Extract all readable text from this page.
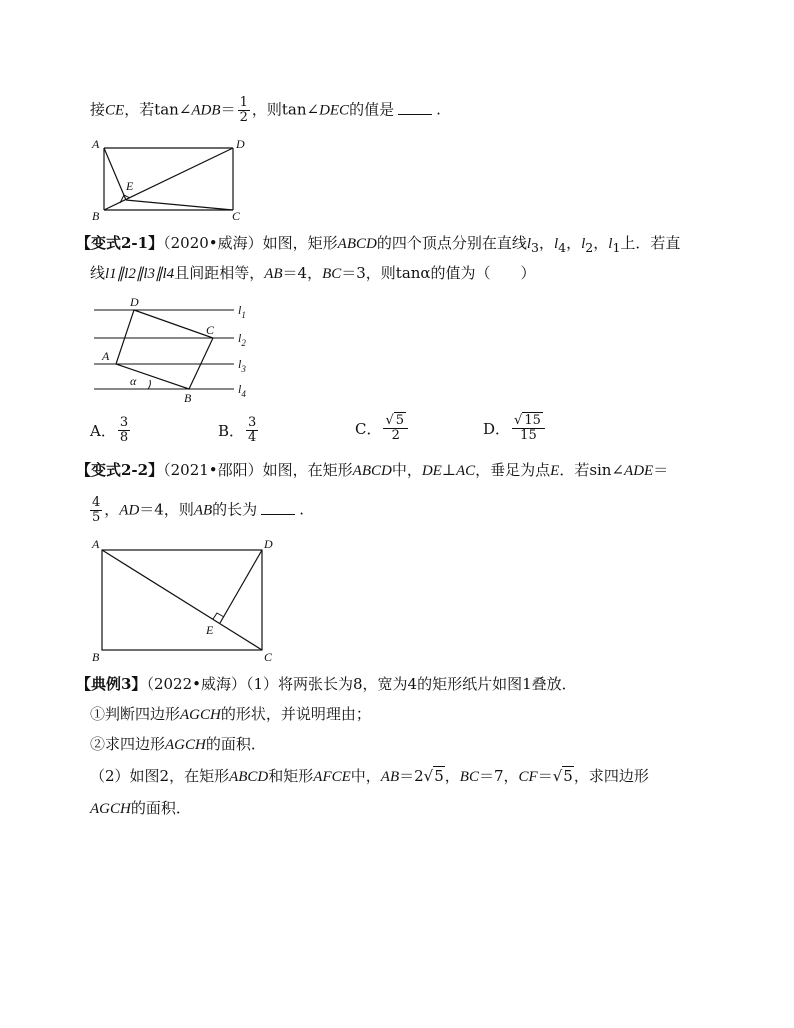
接CE，若tan∠ADB＝ $\frac{1}{2}$ ，则tan∠DEC的值是	.
A	D
E
B	C
【变式2-1】（2020•威海）如图，矩形ABCD的四个顶点分别在直线$l_3$，$l_4$，$l_2$，$l_1$上．若直
线l1∥l2∥l3∥l4且间距相等，AB＝4，BC＝3，则tanα的值为（　　）
D
C
A
B
α
$l_1$
$l_2$
$l_3$
$l_4$
A． $\frac{3}{8}$	B． $\frac{3}{4}$	C． $\frac{√ 5}{2}$	D． $\frac{√ 15}{15}$
【变式2-2】（2021•邵阳）如图，在矩形ABCD中，DE⊥AC，垂足为点E．若sin∠ADE＝
$\frac{4}{5}$ ，AD＝4，则AB的长为	.
A	D
E
B	C
【典例3】（2022•威海）（1）将两张长为8，宽为4的矩形纸片如图1叠放．
①判断四边形AGCH的形状，并说明理由；
②求四边形AGCH的面积．
（2）如图2，在矩形ABCD和矩形AFCE中，AB＝2√5，BC＝7，CF＝√5，求四边形
AGCH的面积．
